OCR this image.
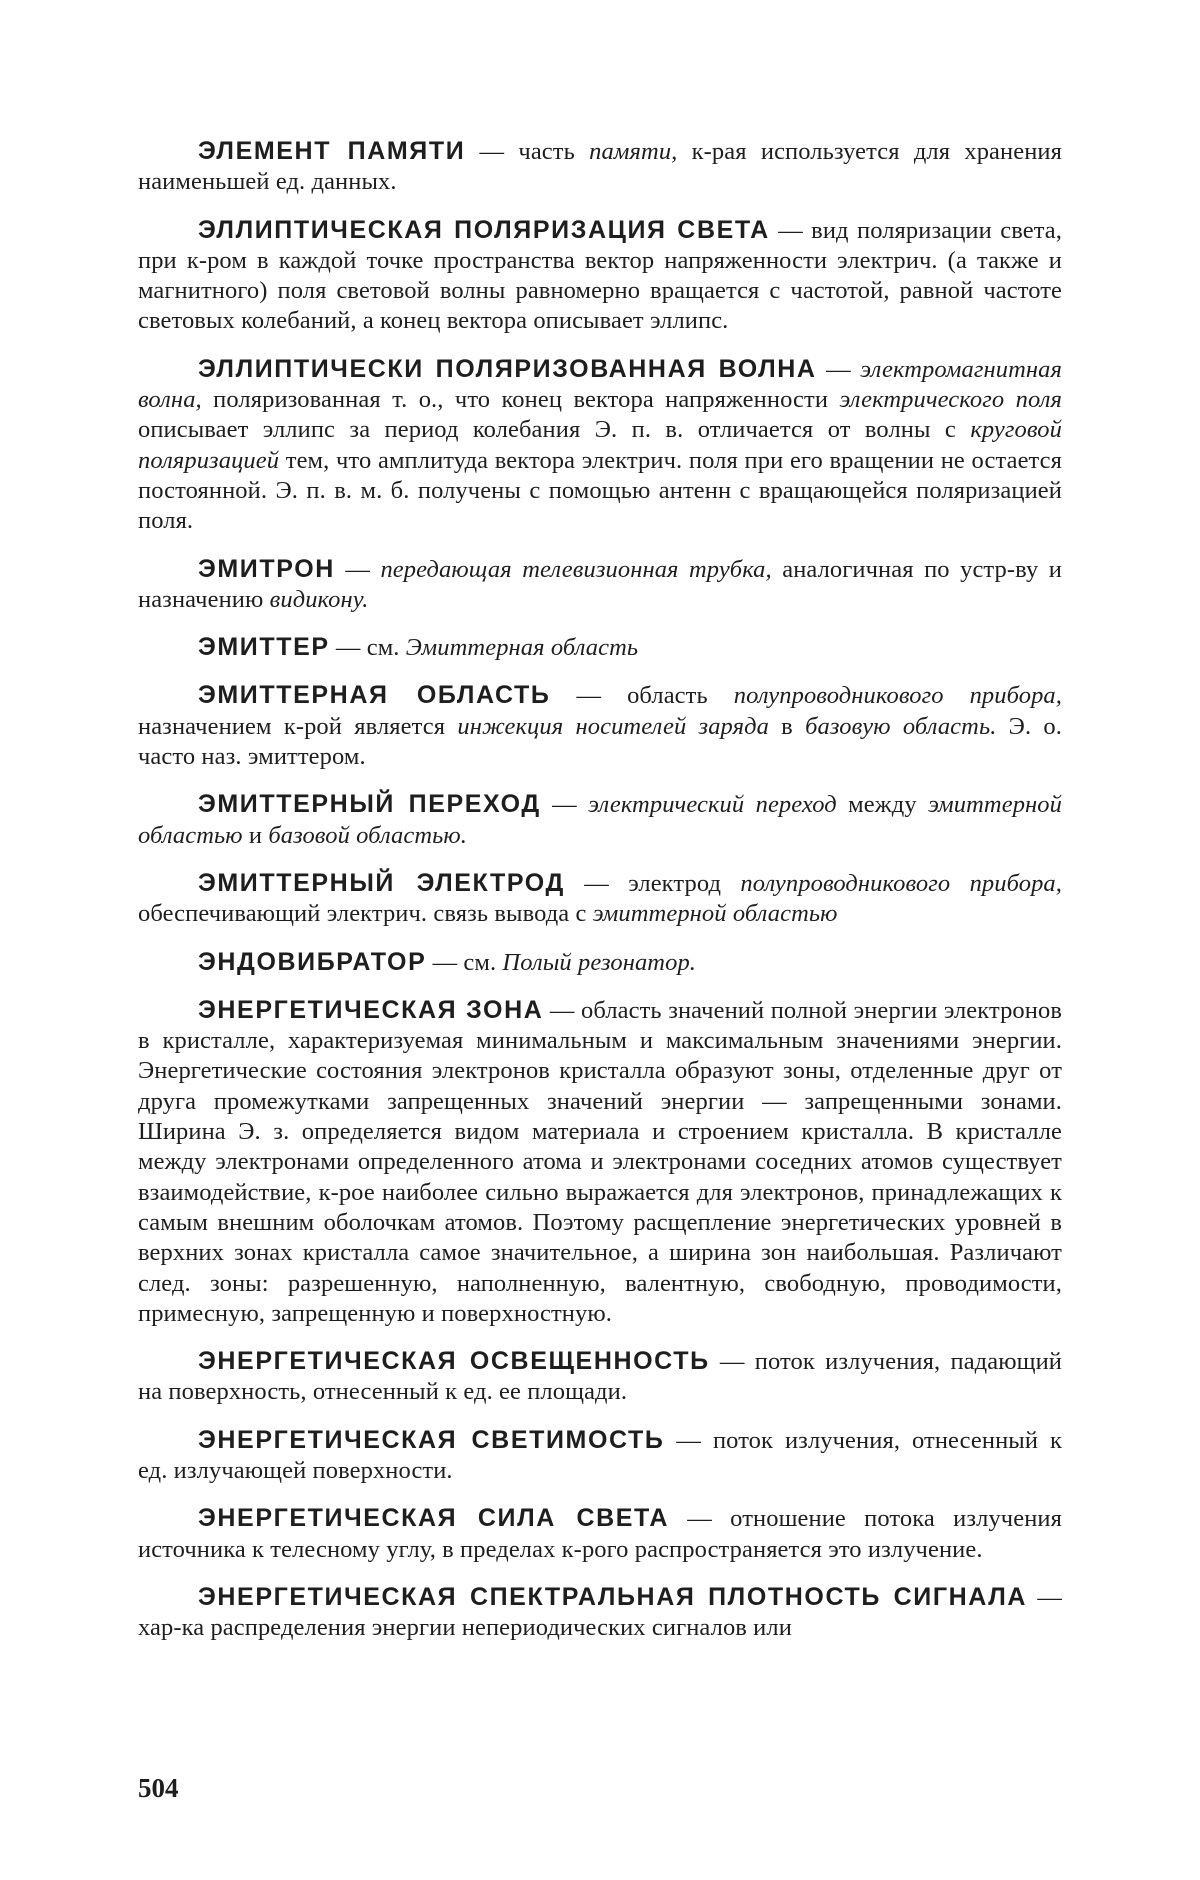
ЭЛЕМЕНТ ПАМЯТИ — часть памяти, к-рая используется для хранения наименьшей ед. данных.

ЭЛЛИПТИЧЕСКАЯ ПОЛЯРИЗАЦИЯ СВЕТА — вид поляризации света, при к-ром в каждой точке пространства вектор напряженности электрич. (а также и магнитного) поля световой волны равномерно вращается с частотой, равной частоте световых колебаний, а конец вектора описывает эллипс.

ЭЛЛИПТИЧЕСКИ ПОЛЯРИЗОВАННАЯ ВОЛНА — электромагнитная волна, поляризованная т. о., что конец вектора напряженности электрического поля описывает эллипс за период колебания Э. п. в. отличается от волны с круговой поляризацией тем, что амплитуда вектора электрич. поля при его вращении не остается постоянной. Э. п. в. м. б. получены с помощью антенн с вращающейся поляризацией поля.

ЭМИТРОН — передающая телевизионная трубка, аналогичная по устр-ву и назначению видикону.

ЭМИТТЕР — см. Эмиттерная область

ЭМИТТЕРНАЯ ОБЛАСТЬ — область полупроводникового прибора, назначением к-рой является инжекция носителей заряда в базовую область. Э. о. часто наз. эмиттером.

ЭМИТТЕРНЫЙ ПЕРЕХОД — электрический переход между эмиттерной областью и базовой областью.

ЭМИТТЕРНЫЙ ЭЛЕКТРОД — электрод полупроводникового прибора, обеспечивающий электрич. связь вывода с эмиттерной областью

ЭНДОВИБРАТОР — см. Полый резонатор.

ЭНЕРГЕТИЧЕСКАЯ ЗОНА — область значений полной энергии электронов в кристалле, характеризуемая минимальным и максимальным значениями энергии. Энергетические состояния электронов кристалла образуют зоны, отделенные друг от друга промежутками запрещенных значений энергии — запрещенными зонами. Ширина Э. з. определяется видом материала и строением кристалла. В кристалле между электронами определенного атома и электронами соседних атомов существует взаимодействие, к-рое наиболее сильно выражается для электронов, принадлежащих к самым внешним оболочкам атомов. Поэтому расщепление энергетических уровней в верхних зонах кристалла самое значительное, а ширина зон наибольшая. Различают след. зоны: разрешенную, наполненную, валентную, свободную, проводимости, примесную, запрещенную и поверхностную.

ЭНЕРГЕТИЧЕСКАЯ ОСВЕЩЕННОСТЬ — поток излучения, падающий на поверхность, отнесенный к ед. ее площади.

ЭНЕРГЕТИЧЕСКАЯ СВЕТИМОСТЬ — поток излучения, отнесенный к ед. излучающей поверхности.

ЭНЕРГЕТИЧЕСКАЯ СИЛА СВЕТА — отношение потока излучения источника к телесному углу, в пределах к-рого распространяется это излучение.

ЭНЕРГЕТИЧЕСКАЯ СПЕКТРАЛЬНАЯ ПЛОТНОСТЬ СИГНАЛА — хар-ка распределения энергии непериодических сигналов или

504
